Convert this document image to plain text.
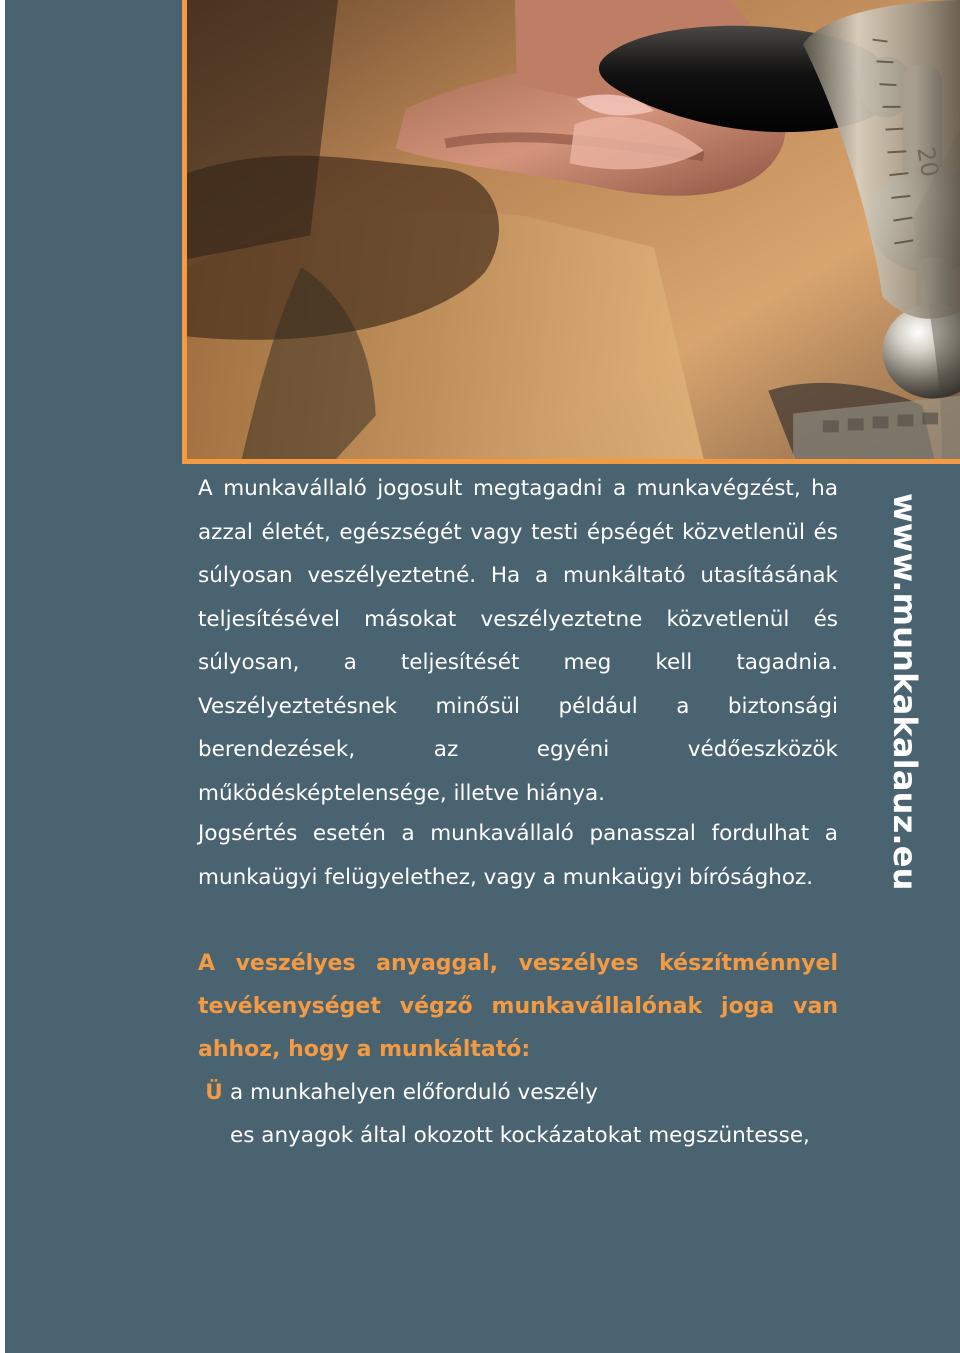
20
A munkavállaló jogosult megtagadni a munkavégzést, ha azzal életét, egészségét vagy testi épségét közvetlenül és súlyosan veszélyeztetné. Ha a munkáltató utasításának teljesítésével másokat veszélyeztetne közvetlenül és súlyosan, a teljesítését meg kell tagadnia. Veszélyeztetésnek minősül például a biztonsági berendezések, az egyéni védőeszközök működésképtelensége, illetve hiánya.
Jogsértés esetén a munkavállaló panasszal fordulhat a munkaügyi felügyelethez, vagy a munkaügyi bírósághoz.
A veszélyes anyaggal, veszélyes készítménnyel tevékenységet végző munkavállalónak joga van ahhoz, hogy a munkáltató:
Ü a munkahelyen előforduló veszély
es anyagok által okozott kockázatokat megszüntesse,
www.munkakalauz.eu
